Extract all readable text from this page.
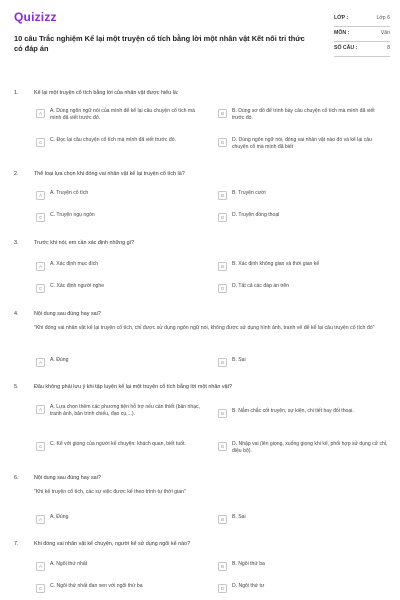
Quizizz
10 câu Trắc nghiệm Kể lại một truyện cổ tích bằng lời một nhân vật Kết nối tri thức có đáp án
LỚP :	Lớp 6
MÔN :	Văn
SỐ CÂU :	8
1.	Kể lại một truyện cổ tích bằng lời của nhân vật được hiểu là:
A	A. Dùng ngôn ngữ nói của mình để kể lại câu chuyện cổ tích mà mình đã viết trước đó.
B	B. Dùng sơ đồ để trình bày câu chuyện cổ tích mà mình đã viết trước đó.
C	C. Đọc lại câu chuyện cổ tích mà mình đã viết trước đó.	D	D. Dùng ngôn ngữ nói, đóng vai nhân vật nào đó và kể lại câu chuyện cổ mà mình đã biết
2.	Thể loại lựa chọn khi đóng vai nhân vật kể lại truyện cổ tích là?
A	A. Truyện cổ tích	B	B. Truyện cười
C	C. Truyện ngụ ngôn	D	D. Truyện đồng thoại
3.	Trước khi nói, em cần xác định những gì?
A	A. Xác định mục đích	B	B. Xác định không gian và thời gian kể
C	C. Xác định người nghe	D	D. Tất cả các đáp án trên
4.	Nội dung sau đúng hay sai?
"Khi đóng vai nhân vật kể lại truyện cổ tích, chỉ được sử dụng ngôn ngữ nói, không được sử dụng hình ảnh, tranh vẽ để kể lại câu truyện cổ tích đó"
A	A. Đúng	B	B. Sai
5.	Đâu không phải lưu ý khi tập luyện kể lại một truyện cổ tích bằng lời một nhân vật?
A	A. Lựa chọn thêm các phương tiện hỗ trợ nếu cần thiết (bản nhạc, tranh ảnh, bản trình chiếu, đạo cụ,...).	B	B. Nắm chắc cốt truyện, sự kiện, chi tiết hay đối thoại.
C	C. Kể với giọng của người kể chuyện: khách quan, biết tuốt.	D	D. Nhập vai (lên giọng, xuống giọng khi kể, phối hợp sử dụng cử chỉ, điệu bộ).
6.	Nội dung sau đúng hay sai?
"Khi kể truyện cổ tích, các sự việc được kể theo trình tự thời gian"
A	A. Đúng	B	B. Sai
7.	Khi đóng vai nhân vật kể chuyện, người kể sử dụng ngôi kể nào?
A	A. Ngôi thứ nhất	B	B. Ngôi thứ ba
C	C. Ngôi thứ nhất đan xen với ngôi thứ ba	D	D. Ngôi thứ tư
